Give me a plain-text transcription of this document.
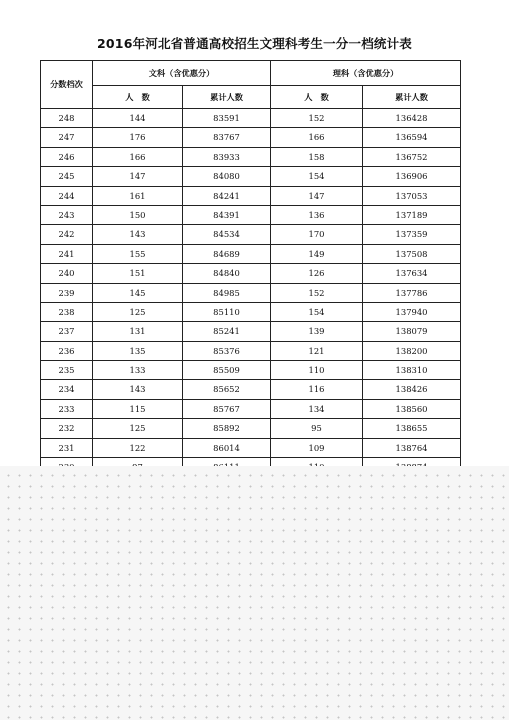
2016年河北省普通高校招生文理科考生一分一档统计表
分数档次	文科（含优惠分）		理科（含优惠分）	
	人　数	累计人数	人　数	累计人数
248	144	83591	152	136428
247	176	83767	166	136594
246	166	83933	158	136752
245	147	84080	154	136906
244	161	84241	147	137053
243	150	84391	136	137189
242	143	84534	170	137359
241	155	84689	149	137508
240	151	84840	126	137634
239	145	84985	152	137786
238	125	85110	154	137940
237	131	85241	139	138079
236	135	85376	121	138200
235	133	85509	110	138310
234	143	85652	116	138426
233	115	85767	134	138560
232	125	85892	95	138655
231	122	86014	109	138764
